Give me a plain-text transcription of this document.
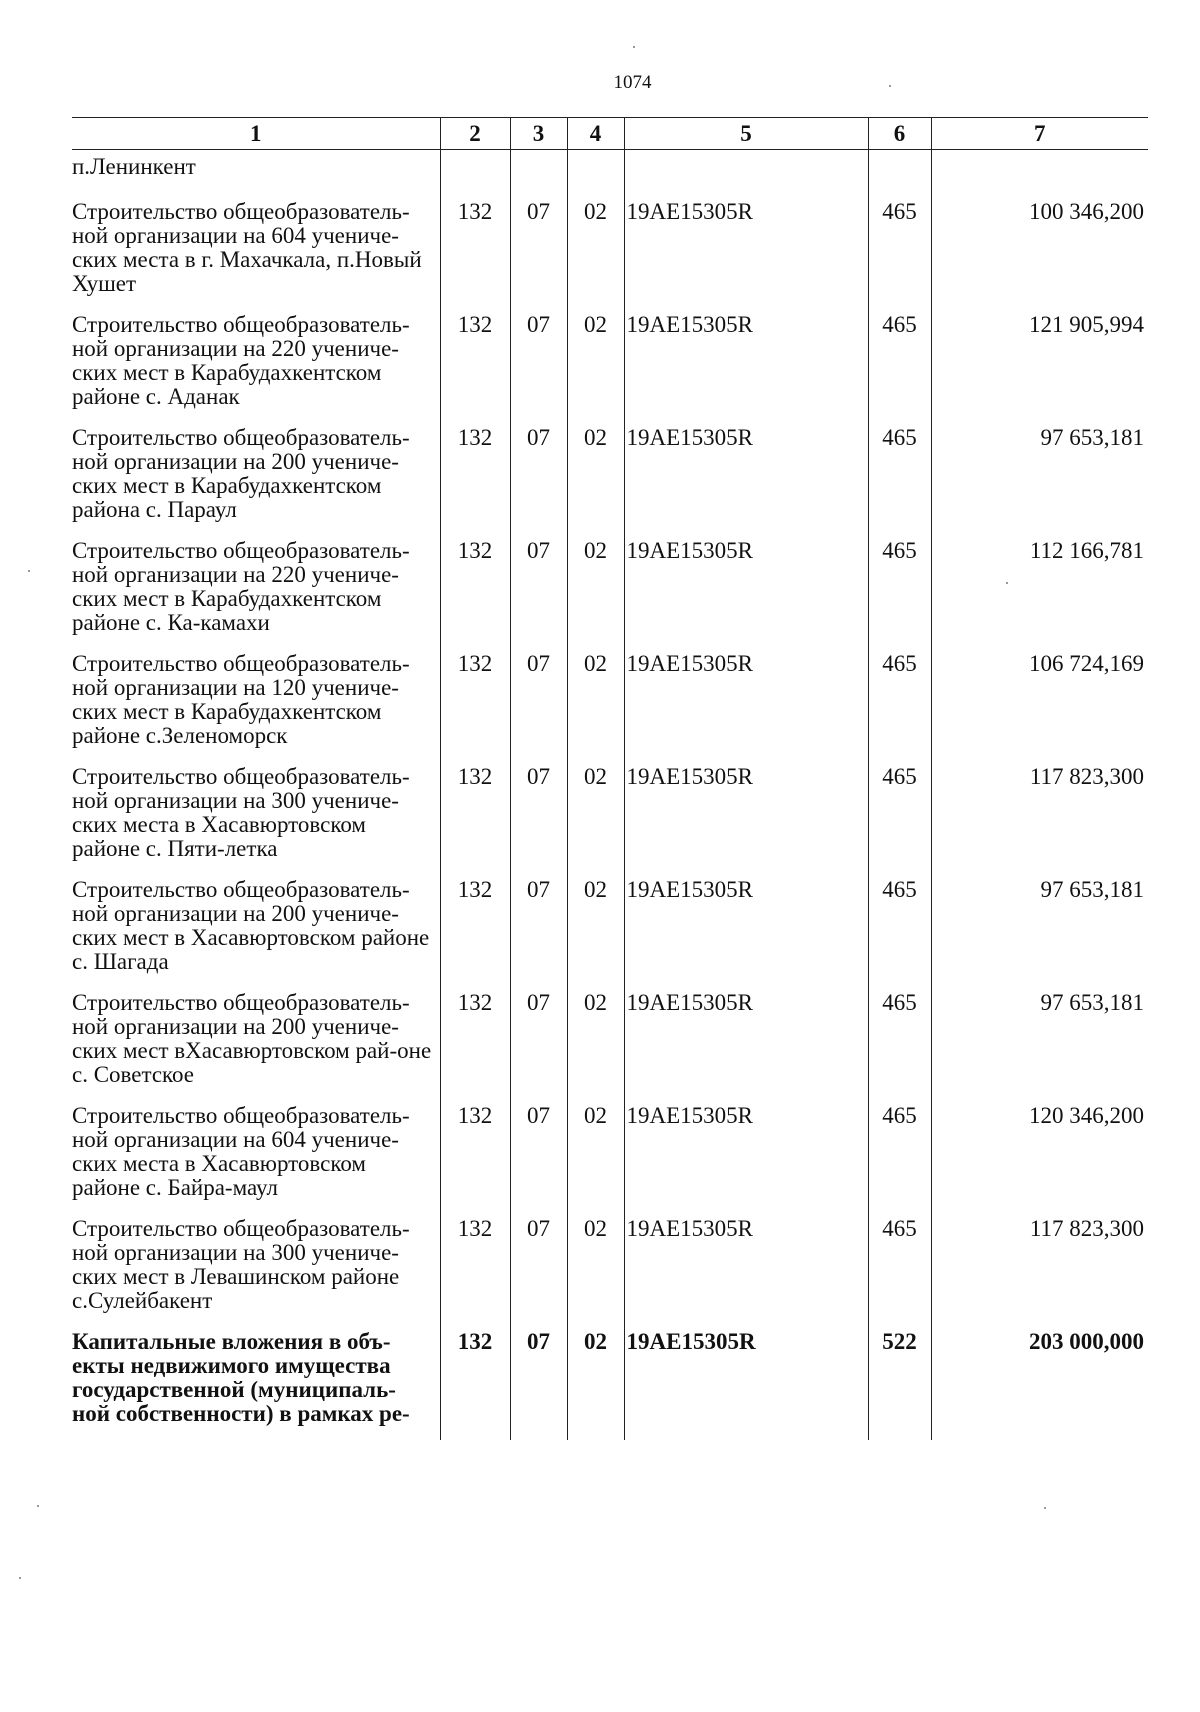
1074
1	2	3	4	5	6	7
п.Ленинкент						
Строительство общеобразователь-ной организации на 604 учениче-ских места в г. Махачкала, п.Новый Хушет	132	07	02	19АЕ15305R	465	100 346,200
Строительство общеобразователь-ной организации на 220 учениче-ских мест в Карабудахкентском районе с. Аданак	132	07	02	19АЕ15305R	465	121 905,994
Строительство общеобразователь-ной организации на 200 учениче-ских мест в Карабудахкентском района с. Параул	132	07	02	19АЕ15305R	465	97 653,181
Строительство общеобразователь-ной организации на 220 учениче-ских мест в Карабудахкентском районе с. Ка-камахи	132	07	02	19АЕ15305R	465	112 166,781
Строительство общеобразователь-ной организации на 120 учениче-ских мест в Карабудахкентском районе с.Зеленоморск	132	07	02	19АЕ15305R	465	106 724,169
Строительство общеобразователь-ной организации на 300 учениче-ских места в Хасавюртовском районе с. Пяти-летка	132	07	02	19АЕ15305R	465	117 823,300
Строительство общеобразователь-ной организации на 200 учениче-ских мест в Хасавюртовском районе с. Шагада	132	07	02	19АЕ15305R	465	97 653,181
Строительство общеобразователь-ной организации на 200 учениче-ских мест вХасавюртовском рай-оне с. Советское	132	07	02	19АЕ15305R	465	97 653,181
Строительство общеобразователь-ной организации на 604 учениче-ских места в Хасавюртовском районе с. Байра-маул	132	07	02	19АЕ15305R	465	120 346,200
Строительство общеобразователь-ной организации на 300 учениче-ских мест в Левашинском районе с.Сулейбакент	132	07	02	19АЕ15305R	465	117 823,300
Капитальные вложения в объ-екты недвижимого имущества государственной (муниципаль-ной собственности) в рамках ре-	132	07	02	19АЕ15305R	522	203 000,000
